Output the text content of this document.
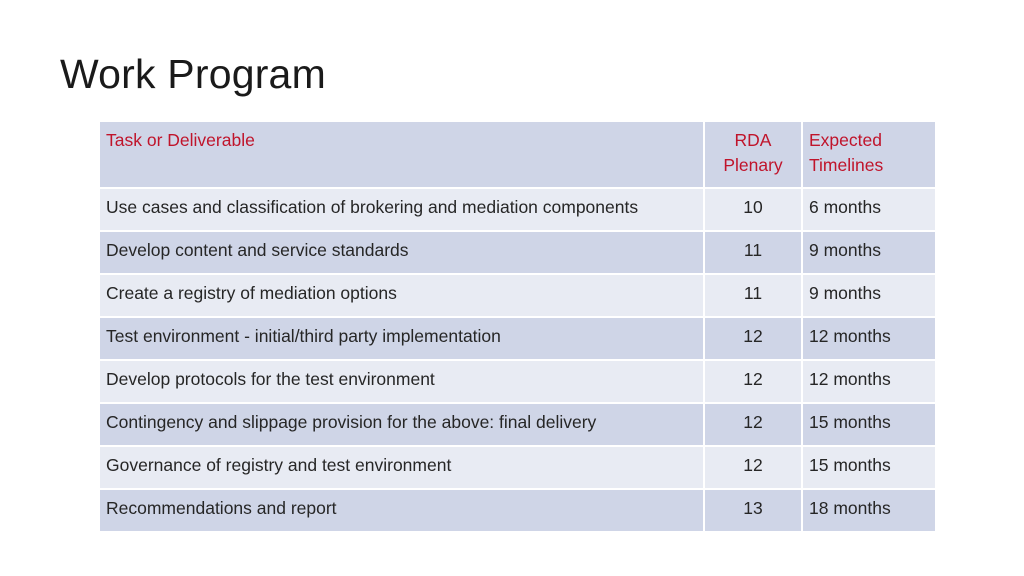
Work Program
Task or Deliverable	RDA Plenary	Expected Timelines
Use cases and classification of brokering and mediation components	10	6 months
Develop content and service standards	11	9 months
Create a registry of mediation options	11	9 months
Test environment - initial/third party implementation	12	12 months
Develop protocols for the test environment	12	12 months
Contingency and slippage provision for the above: final delivery	12	15 months
Governance of registry and test environment	12	15 months
Recommendations and report	13	18 months
